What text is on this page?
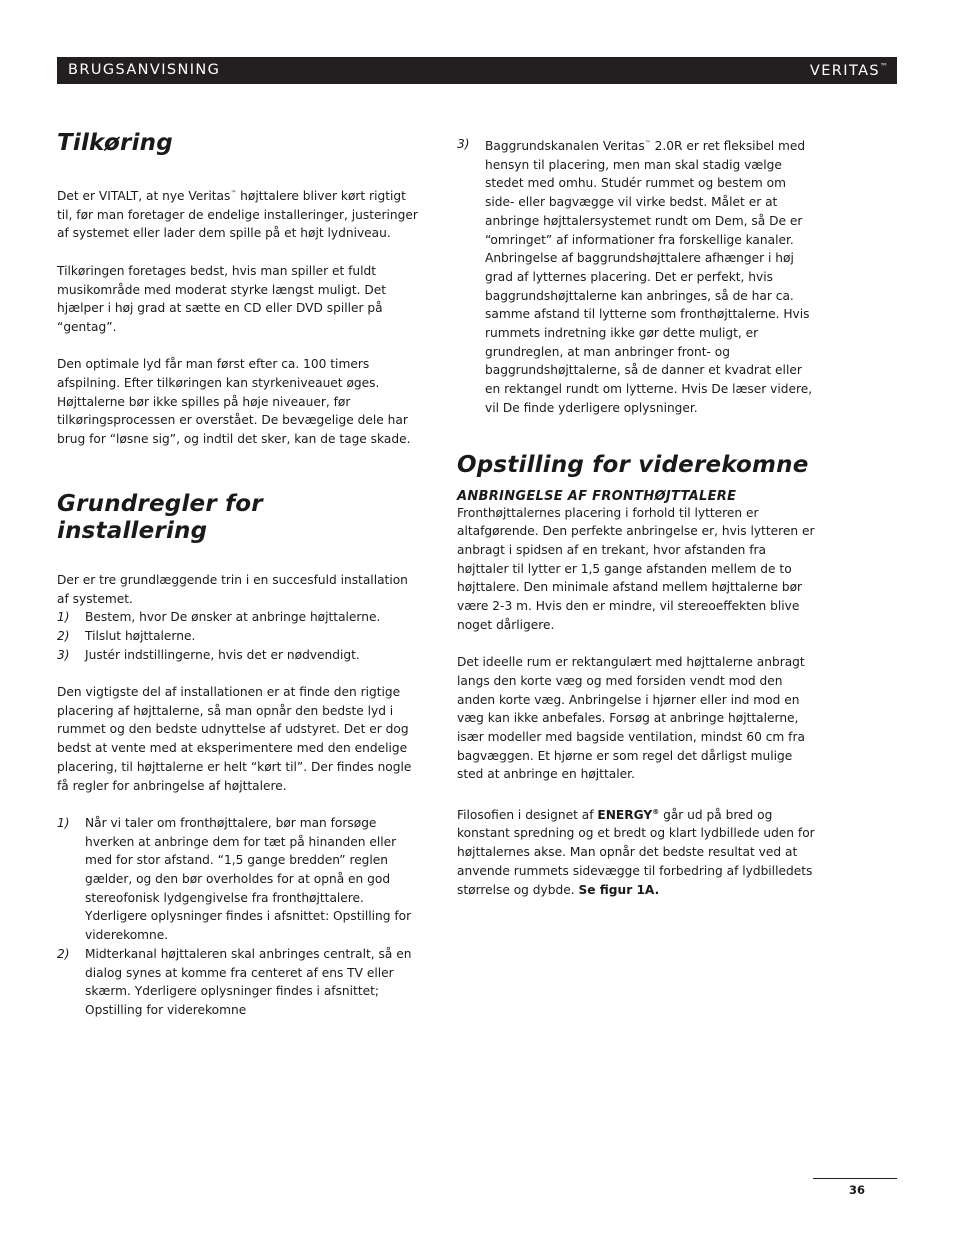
BRUGSANVISNING	VERITAS™
Tilkøring

Det er VITALT, at nye Veritas™ højttalere bliver kørt rigtigt til, før man foretager de endelige installeringer, justeringer af systemet eller lader dem spille på et højt lydniveau.

Tilkøringen foretages bedst, hvis man spiller et fuldt musikområde med moderat styrke længst muligt. Det hjælper i høj grad at sætte en CD eller DVD spiller på “gentag”.

Den optimale lyd får man først efter ca. 100 timers afspilning. Efter tilkøringen kan styrkeniveauet øges. Højttalerne bør ikke spilles på høje niveauer, før tilkøringsprocessen er overstået. De bevægelige dele har brug for “løsne sig”, og indtil det sker, kan de tage skade.

Grundregler for
installering

Der er tre grundlæggende trin i en succesfuld installation af systemet.

1) Bestem, hvor De ønsker at anbringe højttalerne.
2) Tilslut højttalerne.
3) Justér indstillingerne, hvis det er nødvendigt.

Den vigtigste del af installationen er at finde den rigtige placering af højttalerne, så man opnår den bedste lyd i rummet og den bedste udnyttelse af udstyret. Det er dog bedst at vente med at eksperimentere med den endelige placering, til højttalerne er helt “kørt til”. Der findes nogle få regler for anbringelse af højttalere.

1) Når vi taler om fronthøjttalere, bør man forsøge hverken at anbringe dem for tæt på hinanden eller med for stor afstand. “1,5 gange bredden” reglen gælder, og den bør overholdes for at opnå en god stereofonisk lydgengivelse fra fronthøjttalere. Yderligere oplysninger findes i afsnittet: Opstilling for viderekomne.
2) Midterkanal højttaleren skal anbringes centralt, så en dialog synes at komme fra centeret af ens TV eller skærm. Yderligere oplysninger findes i afsnittet; Opstilling for viderekomne
3) Baggrundskanalen Veritas™ 2.0R er ret fleksibel med hensyn til placering, men man skal stadig vælge stedet med omhu. Studér rummet og bestem om side- eller bagvægge vil virke bedst. Målet er at anbringe højttalersystemet rundt om Dem, så De er “omringet” af informationer fra forskellige kanaler. Anbringelse af baggrundshøjttalere afhænger i høj grad af lytternes placering. Det er perfekt, hvis baggrundshøjttalerne kan anbringes, så de har ca. samme afstand til lytterne som fronthøjttalerne. Hvis rummets indretning ikke gør dette muligt, er grundreglen, at man anbringer front- og baggrundshøjttalerne, så de danner et kvadrat eller en rektangel rundt om lytterne. Hvis De læser videre, vil De finde yderligere oplysninger.
Opstilling for viderekomne
ANBRINGELSE AF FRONTHØJTTALERE

Fronthøjttalernes placering i forhold til lytteren er altafgørende. Den perfekte anbringelse er, hvis lytteren er anbragt i spidsen af en trekant, hvor afstanden fra højttaler til lytter er 1,5 gange afstanden mellem de to højttalere. Den minimale afstand mellem højttalerne bør være 2-3 m. Hvis den er mindre, vil stereoeffekten blive noget dårligere.

Det ideelle rum er rektangulært med højttalerne anbragt langs den korte væg og med forsiden vendt mod den anden korte væg. Anbringelse i hjørner eller ind mod en væg kan ikke anbefales. Forsøg at anbringe højttalerne, især modeller med bagside ventilation, mindst 60 cm fra bagvæggen. Et hjørne er som regel det dårligst mulige sted at anbringe en højttaler.

Filosofien i designet af ENERGY® går ud på bred og konstant spredning og et bredt og klart lydbillede uden for højttalernes akse. Man opnår det bedste resultat ved at anvende rummets sidevægge til forbedring af lydbilledets størrelse og dybde. Se figur 1A.

36
